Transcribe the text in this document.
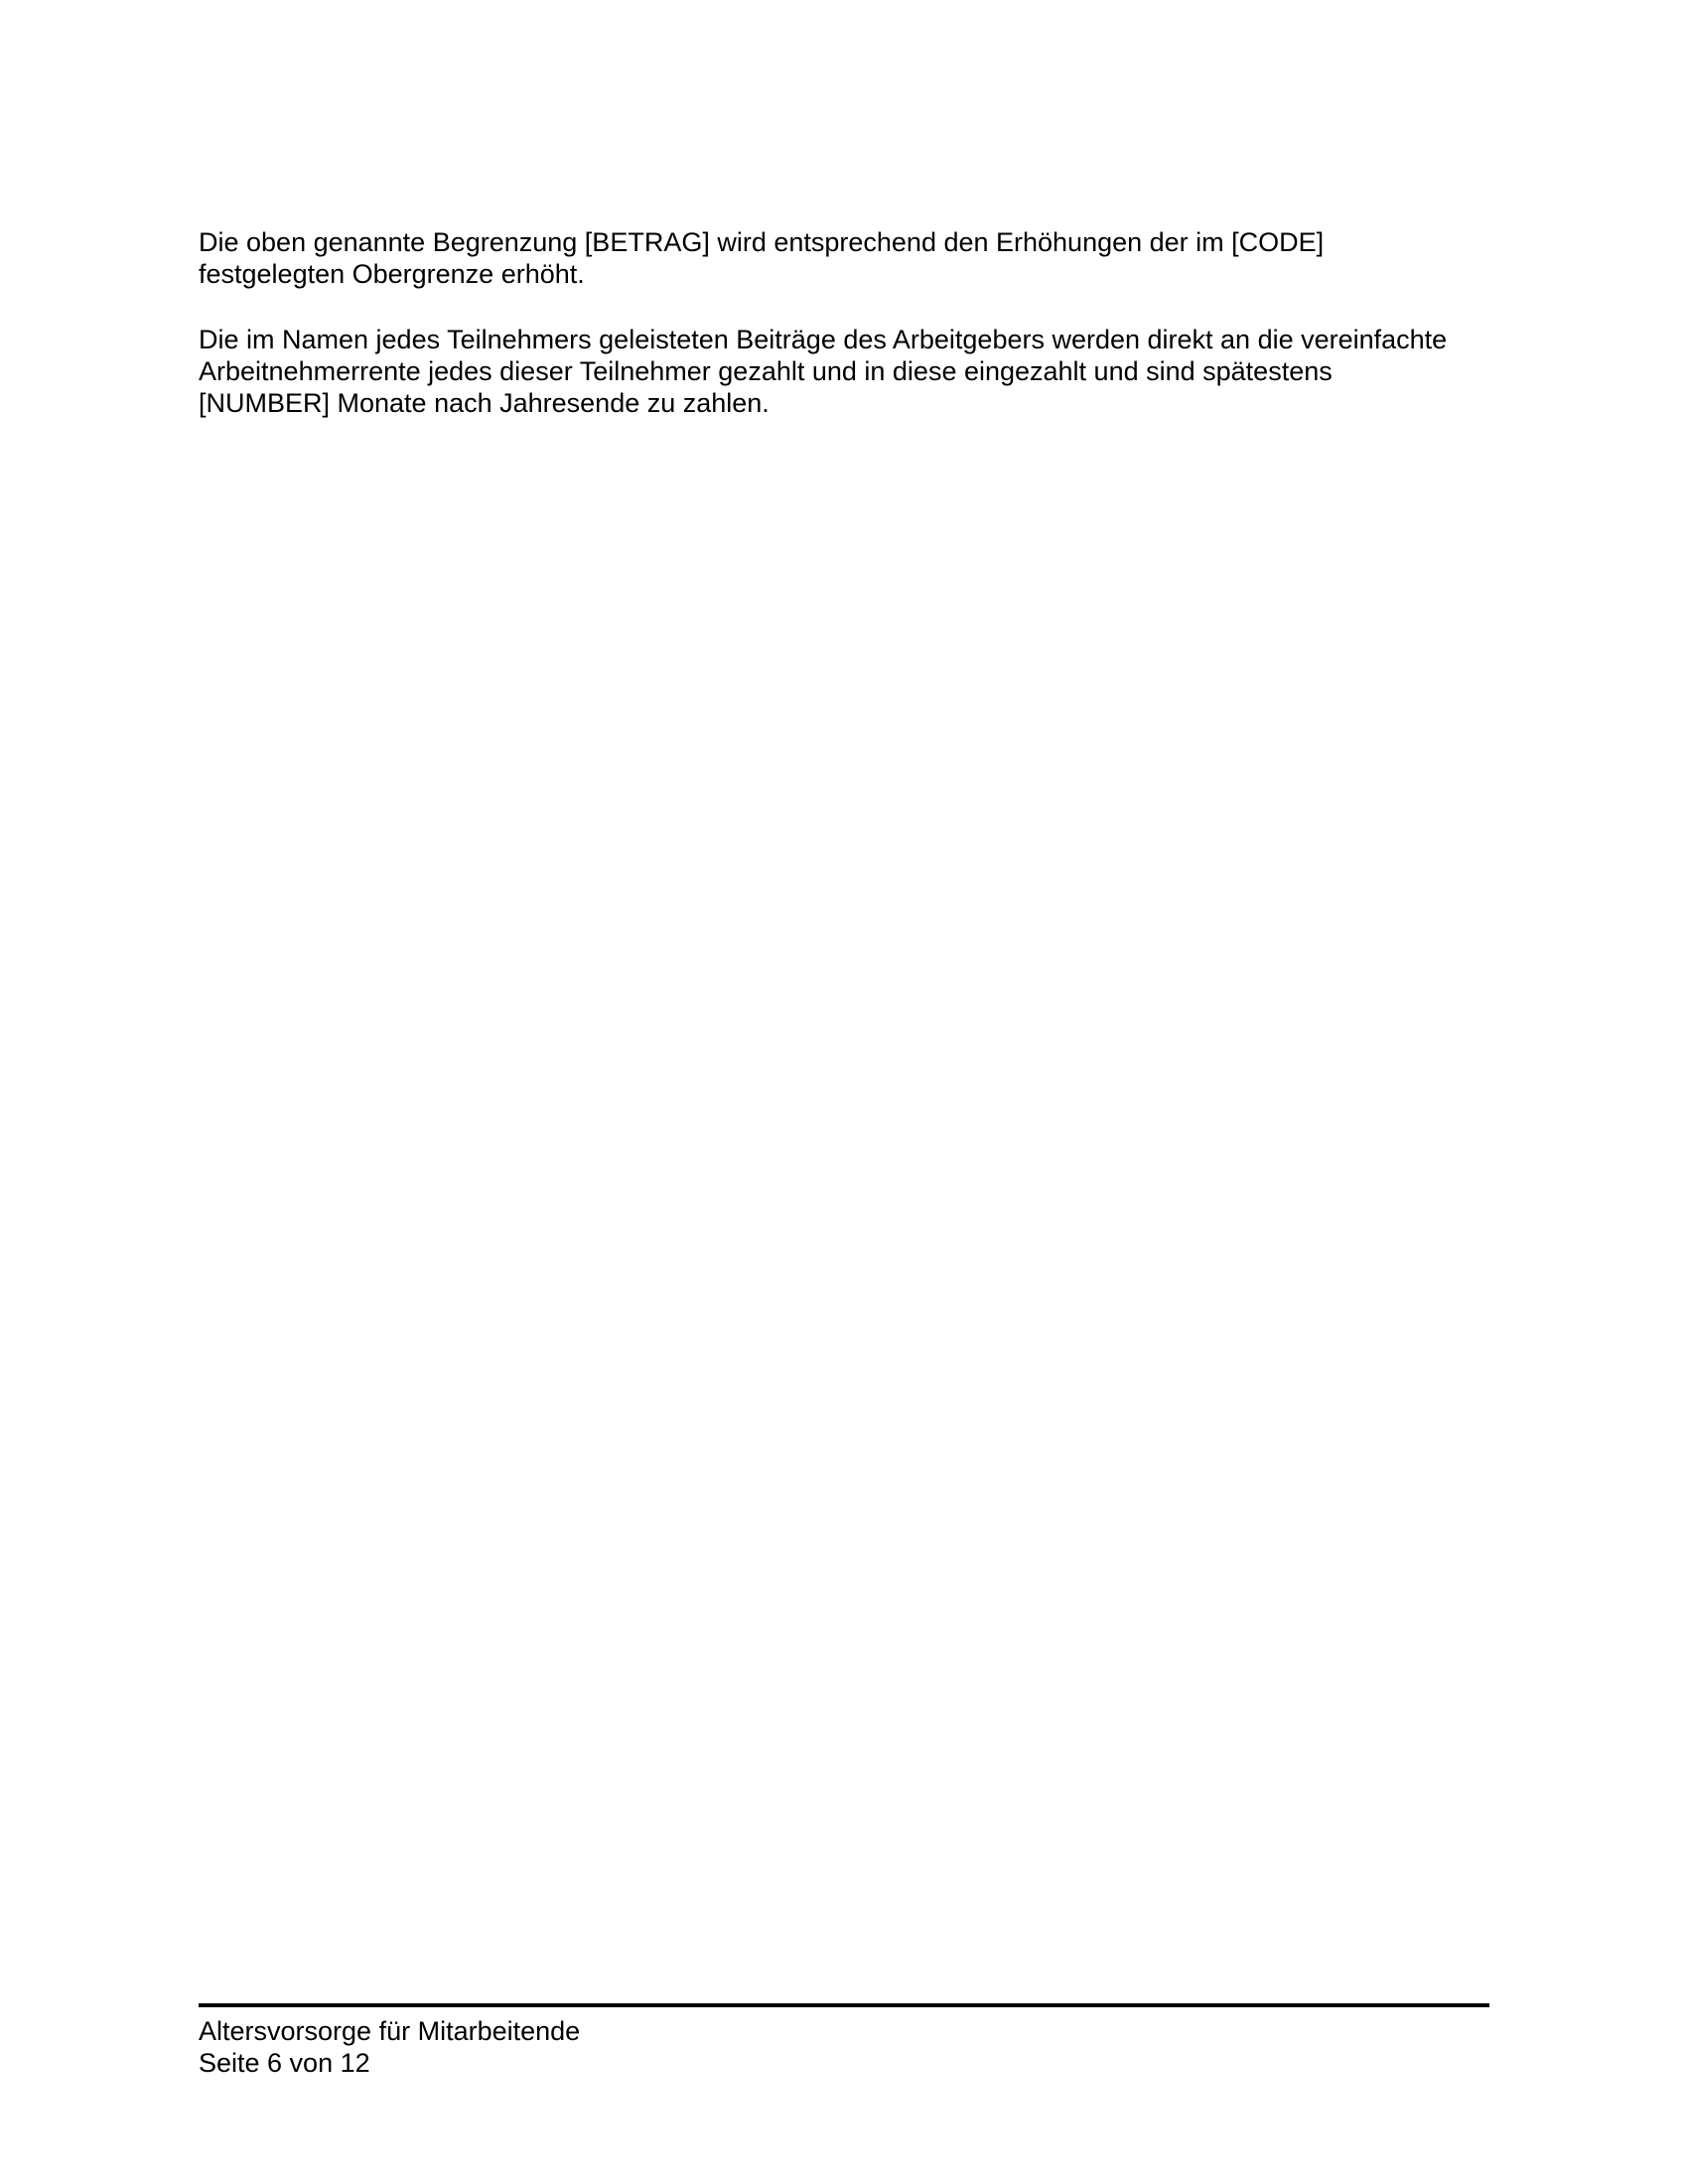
Die oben genannte Begrenzung [BETRAG] wird entsprechend den Erhöhungen der im [CODE]
festgelegten Obergrenze erhöht.

Die im Namen jedes Teilnehmers geleisteten Beiträge des Arbeitgebers werden direkt an die vereinfachte
Arbeitnehmerrente jedes dieser Teilnehmer gezahlt und in diese eingezahlt und sind spätestens
[NUMBER] Monate nach Jahresende zu zahlen.

Altersvorsorge für Mitarbeitende
Seite 6 von 12
